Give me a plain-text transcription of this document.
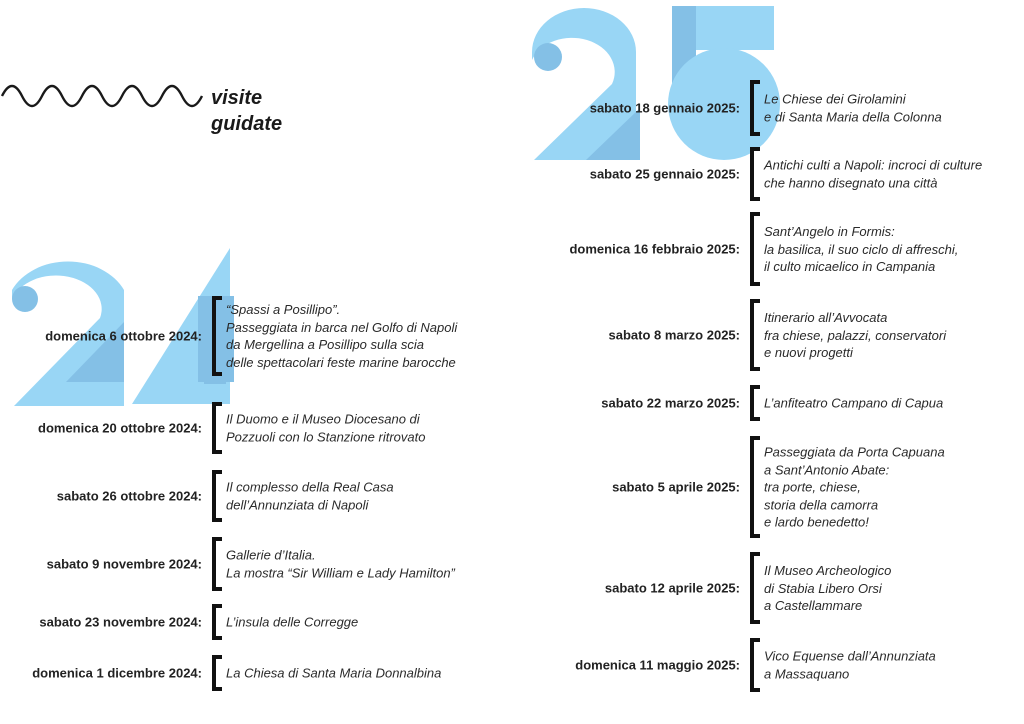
visite
guidate
domenica 6 ottobre 2024:
“Spassi a Posillipo”.
Passeggiata in barca nel Golfo di Napoli
da Mergellina a Posillipo sulla scia
delle spettacolari feste marine barocche
domenica 20 ottobre 2024:
Il Duomo e il Museo Diocesano di
Pozzuoli con lo Stanzione ritrovato
sabato 26 ottobre 2024:
Il complesso della Real Casa
dell’Annunziata di Napoli
sabato 9 novembre 2024:
Gallerie d’Italia.
La mostra “Sir William e Lady Hamilton”
sabato 23 novembre 2024: L’insula delle Corregge
domenica 1 dicembre 2024: La Chiesa di Santa Maria Donnalbina
sabato 18 gennaio 2025:
Le Chiese dei Girolamini
e di Santa Maria della Colonna
sabato 25 gennaio 2025:
Antichi culti a Napoli: incroci di culture
che hanno disegnato una città
domenica 16 febbraio 2025:
Sant’Angelo in Formis:
la basilica, il suo ciclo di affreschi,
il culto micaelico in Campania
sabato 8 marzo 2025:
Itinerario all’Avvocata
fra chiese, palazzi, conservatori
e nuovi progetti
sabato 22 marzo 2025: L’anfiteatro Campano di Capua
sabato 5 aprile 2025:
Passeggiata da Porta Capuana
a Sant’Antonio Abate:
tra porte, chiese,
storia della camorra
e lardo benedetto!
sabato 12 aprile 2025:
Il Museo Archeologico
di Stabia Libero Orsi
a Castellammare
domenica 11 maggio 2025:
Vico Equense dall’Annunziata
a Massaquano
